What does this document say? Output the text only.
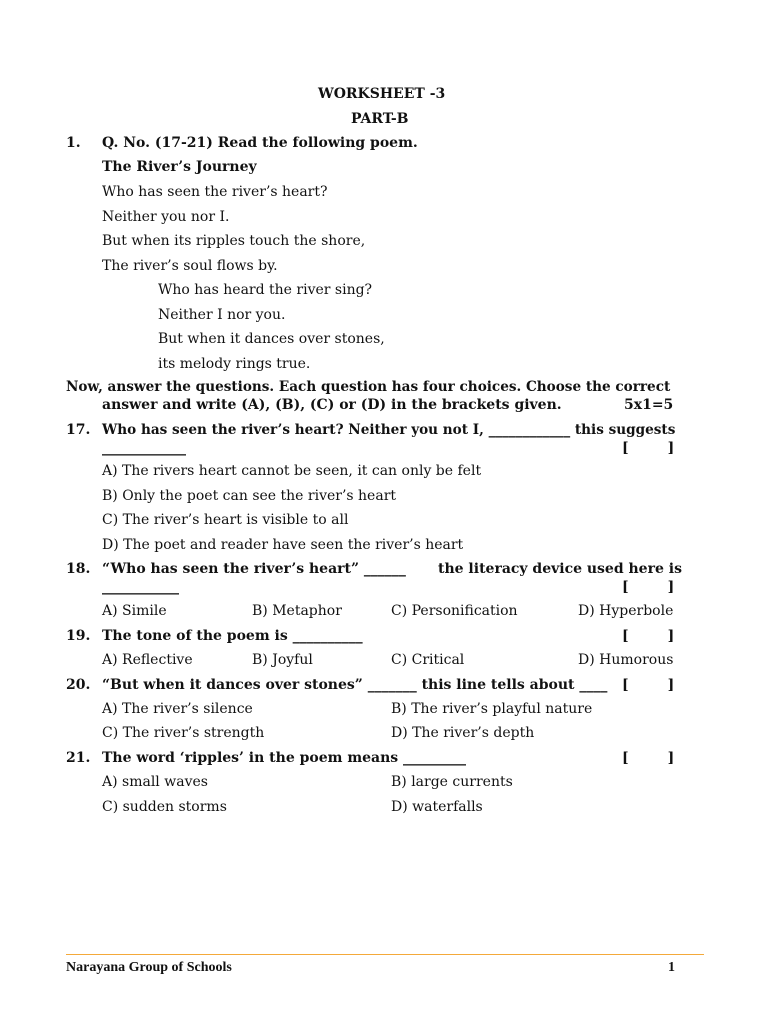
WORKSHEET -3
PART-B
1. Q. No. (17-21) Read the following poem.
The River’s Journey
Who has seen the river’s heart?
Neither you nor I.
But when its ripples touch the shore,
The river’s soul flows by.
Who has heard the river sing?
Neither I nor you.
But when it dances over stones,
its melody rings true.
Now, answer the questions. Each question has four choices. Choose the correct
answer and write (A), (B), (C) or (D) in the brackets given.	5x1=5
17. Who has seen the river’s heart? Neither you not I, ____________ this suggests
____________	[        ]
A) The rivers heart cannot be seen, it can only be felt
B) Only the poet can see the river’s heart
C) The river’s heart is visible to all
D) The poet and reader have seen the river’s heart
18. “Who has seen the river’s heart” ______ the literacy device used here is
___________	[        ]
A) Simile	B) Metaphor	C) Personification	D) Hyperbole
19. The tone of the poem is __________	[        ]
A) Reflective	B) Joyful	C) Critical	D) Humorous
20. “But when it dances over stones” _______ this line tells about ____ [        ]
A) The river’s silence	B) The river’s playful nature
C) The river’s strength	D) The river’s depth
21. The word ‘ripples’ in the poem means _________	[        ]
A) small waves	B) large currents
C) sudden storms	D) waterfalls
Narayana Group of Schools	1
